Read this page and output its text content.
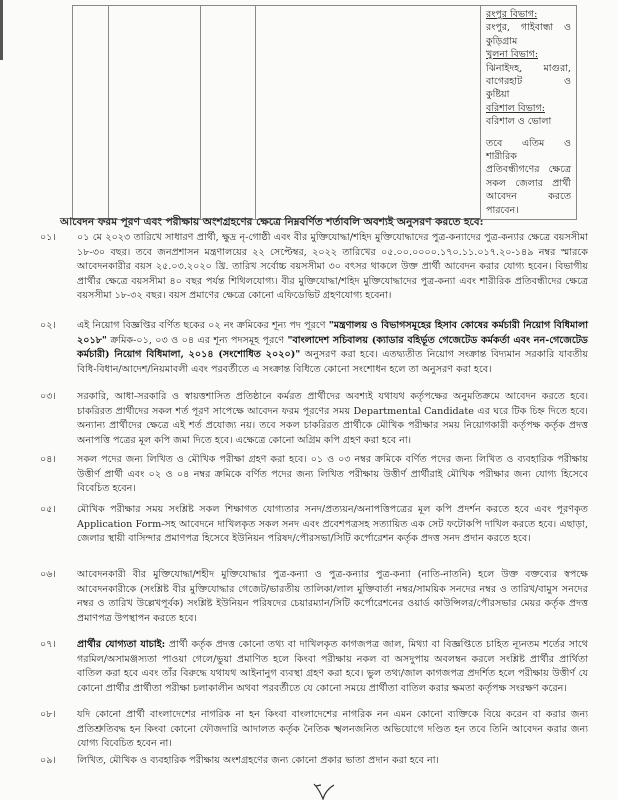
রংপুর বিভাগ:
রংপুর, গাইবান্ধা ও
কুড়িগ্রাম
খুলনা বিভাগ:
ঝিনাইদহ, মাগুরা,
বাগেরহাট ও
কুষ্টিয়া
বরিশাল বিভাগ:
বরিশাল ও ভোলা
তবে এতিম ও শারীরিক
প্রতিবন্ধীগণের ক্ষেত্রে
সকল জেলার প্রার্থী
আবেদন করতে
পারবেন।
আবেদন ফরম পূরণ এবং পরীক্ষায় অংশগ্রহণের ক্ষেত্রে নিম্নবর্ণিত শর্তাবলি অবশ্যই অনুসরণ করতে হবে:
০১। ০১ মে ২০২৩ তারিখে সাধারণ প্রার্থী, ক্ষুদ্র নৃ-গোষ্ঠী এবং বীর মুক্তিযোদ্ধা/শহিদ মুক্তিযোদ্ধাদের পুত্র-কন্যাদের পুত্র-কন্যার ক্ষেত্রে বয়সসীমা ১৮-৩০ বছর। তবে জনপ্রশাসন মন্ত্রণালয়ের ২২ সেপ্টেম্বর, ২০২২ তারিখের ০৫.০০.০০০০.১৭০.১১.০১৭.২০-১৪৯ নম্বর স্মারকে আবেদনকারীর বয়স ২৫.০৩.২০২০ খ্রি. তারিখ সর্বোচ্চ বয়সসীমা ৩০ বৎসর থাকলে উক্ত প্রার্থী আবেদন করার যোগ্য হবেন। বিভাগীয় প্রার্থীর ক্ষেত্রে বয়সসীমা ৪০ বছর পর্যন্ত শিথিলযোগ্য। বীর মুক্তিযোদ্ধা/শহিদ মুক্তিযোদ্ধাদের পুত্র-কন্যা এবং শারীরিক প্রতিবন্ধীদের ক্ষেত্রে বয়সসীমা ১৮-৩২ বছর। বয়স প্রমাণের ক্ষেত্রে কোনো এফিডেভিট গ্রহণযোগ্য হবেনা।
০২। এই নিয়োগ বিজ্ঞপ্তির বর্ণিত ছকের ০২ নং ক্রমিকের শূন্য পদ পূরণে "মন্ত্রণালয় ও বিভাগসমূহের হিসাব কোষের কর্মচারী নিয়োগ বিধিমালা ২০১৮" ক্রমিক-০১, ০৩ ও ০৪ এর শূন্য পদসমূহ পূরণে "বাংলাদেশ সচিবালয় (ক্যাডার বহির্ভূত গেজেটেড কর্মকর্তা এবং নন-গেজেটেড কর্মচারী) নিয়োগ বিধিমালা, ২০১৪ (সংশোধিত ২০২০)" অনুসরণ করা হবে। এতদ্ব্যতীত নিয়োগ সংক্রান্ত বিদ্যমান সরকারি যাবতীয় বিধি-বিধান/আদেশ/নিয়মাবলী এবং পরবর্তীতে এ সংক্রান্ত বিধিতে কোনো সংশোধন হলে তা অনুসরণ করা হবে।
০৩। সরকারি, আধা-সরকারি ও স্বায়ত্তশাসিত প্রতিষ্ঠানে কর্মরত প্রার্থীদের অবশ্যই যথাযথ কর্তৃপক্ষের অনুমতিক্রমে আবেদন করতে হবে। চাকরিরত প্রার্থীদের সকল শর্ত পূরণ সাপেক্ষে আবেদন ফরম পূরণের সময় Departmental Candidate এর ঘরে টিক চিহ্ন দিতে হবে। অন্যান্য প্রার্থীদের ক্ষেত্রে এই শর্ত প্রযোজ্য নয়। তবে সকল চাকরিরত প্রার্থীকে মৌখিক পরীক্ষার সময় নিয়োগকারী কর্তৃপক্ষ কর্তৃক প্রদত্ত অনাপত্তি পত্রের মূল কপি জমা দিতে হবে। এক্ষেত্রে কোনো অগ্রিম কপি গ্রহণ করা হবে না।
০৪। সকল পদের জন্য লিখিত ও মৌখিক পরীক্ষা গ্রহণ করা হবে। ০১ ও ০৩ নম্বর ক্রমিকে বর্ণিত পদের জন্য লিখিত ও ব্যবহারিক পরীক্ষায় উত্তীর্ণ প্রার্থী এবং ০২ ও ০৪ নম্বর ক্রমিকে বর্ণিত পদের জন্য লিখিত পরীক্ষায় উত্তীর্ণ প্রার্থীরাই মৌখিক পরীক্ষার জন্য যোগ্য হিসেবে বিবেচিত হবেন।
০৫। মৌখিক পরীক্ষার সময় সংশ্লিষ্ট সকল শিক্ষাগত যোগ্যতার সনদ/প্রত্যয়ন/অনাপত্তিপত্রের মূল কপি প্রদর্শন করতে হবে এবং পূরণকৃত Application Form-সহ আবেদনে দাখিলকৃত সকল সনদ এবং প্রবেশপত্রসহ সত্যায়িত এক সেট ফটোকপি দাখিল করতে হবে। এছাড়া, জেলার স্থায়ী বাসিন্দার প্রমাণপত্র হিসেবে ইউনিয়ন পরিষদ/পৌরসভা/সিটি কর্পোরেশন কর্তৃক প্রদত্ত সনদ প্রদান করতে হবে।
০৬। আবেদনকারী বীর মুক্তিযোদ্ধা/শহীদ মুক্তিযোদ্ধার পুত্র-কন্যা ও পুত্র-কন্যার পুত্র-কন্যা (নাতি-নাতনি) হলে উক্ত বক্তব্যের স্বপক্ষে আবেদনকারীকে (সংশ্লিষ্ট বীর মুক্তিযোদ্ধার গেজেট/ভারতীয় তালিকা/লাল মুক্তিবার্তা নম্বর/সাময়িক সনদের নম্বর ও তারিখ/বামুস সনদের নম্বর ও তারিখ উল্লেখপূর্বক) সংশ্লিষ্ট ইউনিয়ন পরিষদের চেয়ারম্যান/সিটি কর্পোরেশনের ওয়ার্ড কাউন্সিলর/পৌরসভার মেয়র কর্তৃক প্রদত্ত প্রমাণপত্র উপস্থাপন করতে হবে।
০৭। প্রার্থীর যোগ্যতা যাচাই: প্রার্থী কর্তৃক প্রদত্ত কোনো তথ্য বা দাখিলকৃত কাগজপত্র জাল, মিথ্যা বা বিজ্ঞপ্তিতে চাহিত ন্যূনতম শর্তের সাথে গরমিল/অসামঞ্জস্যতা পাওয়া গেলে/ভুয়া প্রমাণিত হলে কিংবা পরীক্ষায় নকল বা অসদুপায় অবলম্বন করলে সংশ্লিষ্ট প্রার্থীর প্রার্থিতা বাতিল করা হবে এবং তাঁর বিরুদ্ধে যথাযথ আইনানুগ ব্যবস্থা গ্রহণ করা হবে। ভুল তথ্য/জাল কাগজপত্র প্রদর্শিত হলে পরীক্ষায় উত্তীর্ণ যে কোনো প্রার্থীর প্রার্থীতা পরীক্ষা চলাকালীন অথবা পরবর্তীতে যে কোনো সময়ে প্রার্থীতা বাতিল করার ক্ষমতা কর্তৃপক্ষ সংরক্ষণ করেন।
০৮। যদি কোনো প্রার্থী বাংলাদেশের নাগরিক না হন কিংবা বাংলাদেশের নাগরিক নন এমন কোনো ব্যক্তিকে বিয়ে করেন বা করার জন্য প্রতিশ্রুতিবদ্ধ হন কিংবা কোনো ফৌজদারি আদালত কর্তৃক নৈতিক স্খলনজনিত অভিযোগে দণ্ডিত হন তবে তিনি আবেদন করার জন্য যোগ্য বিবেচিত হবেন না।
০৯। লিখিত, মৌখিক ও ব্যবহারিক পরীক্ষায় অংশগ্রহণের জন্য কোনো প্রকার ভাতা প্রদান করা হবে না।
